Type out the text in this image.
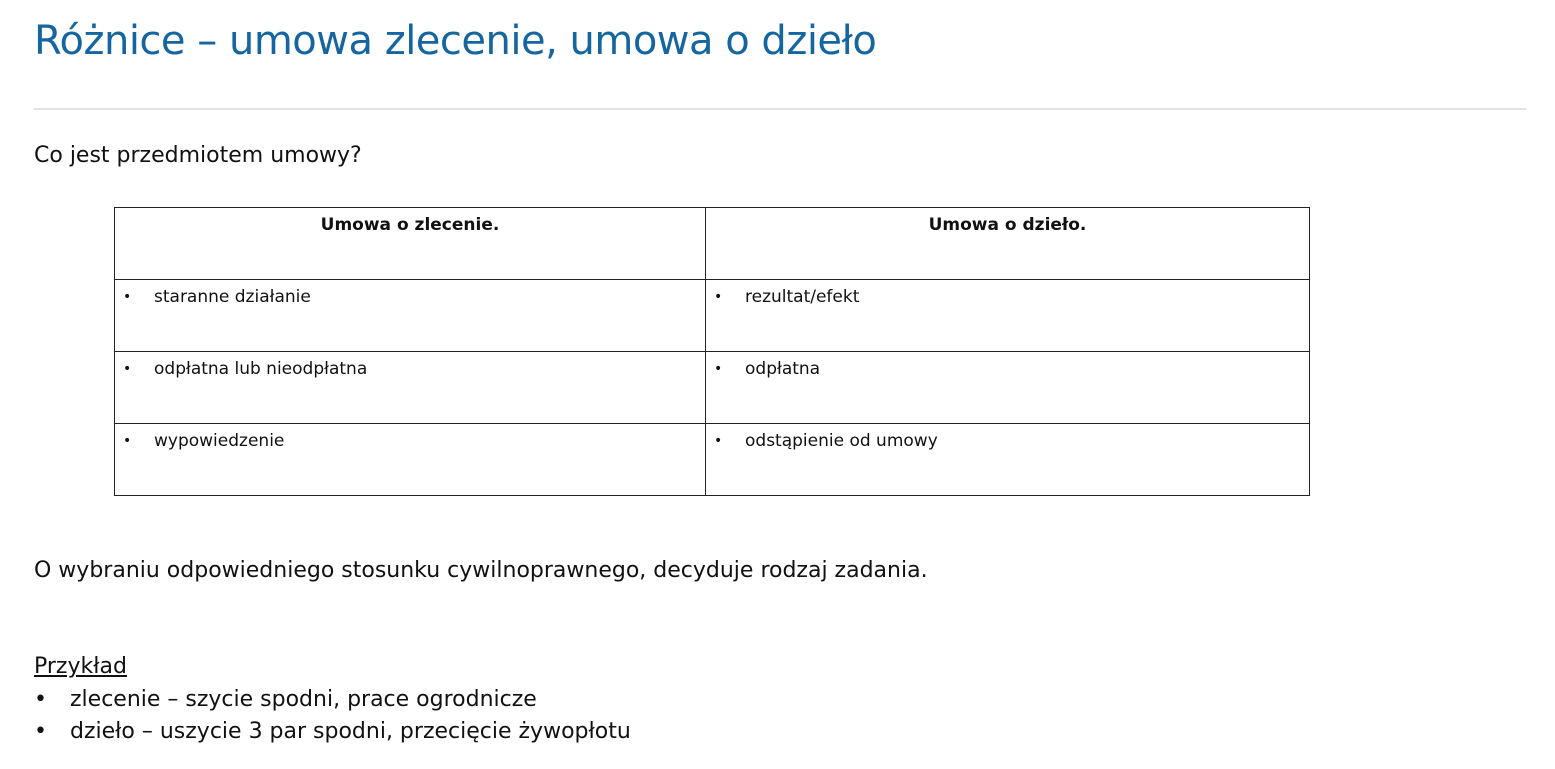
Różnice – umowa zlecenie, umowa o dzieło

Co jest przedmiotem umowy?

Umowa o zlecenie.	Umowa o dzieło.

• staranne działanie	• rezultat/efekt

• odpłatna lub nieodpłatna	• odpłatna

• wypowiedzenie	• odstąpienie od umowy

O wybraniu odpowiedniego stosunku cywilnoprawnego, decyduje rodzaj zadania.

Przykład

• zlecenie – szycie spodni, prace ogrodnicze
• dzieło – uszycie 3 par spodni, przecięcie żywopłotu
